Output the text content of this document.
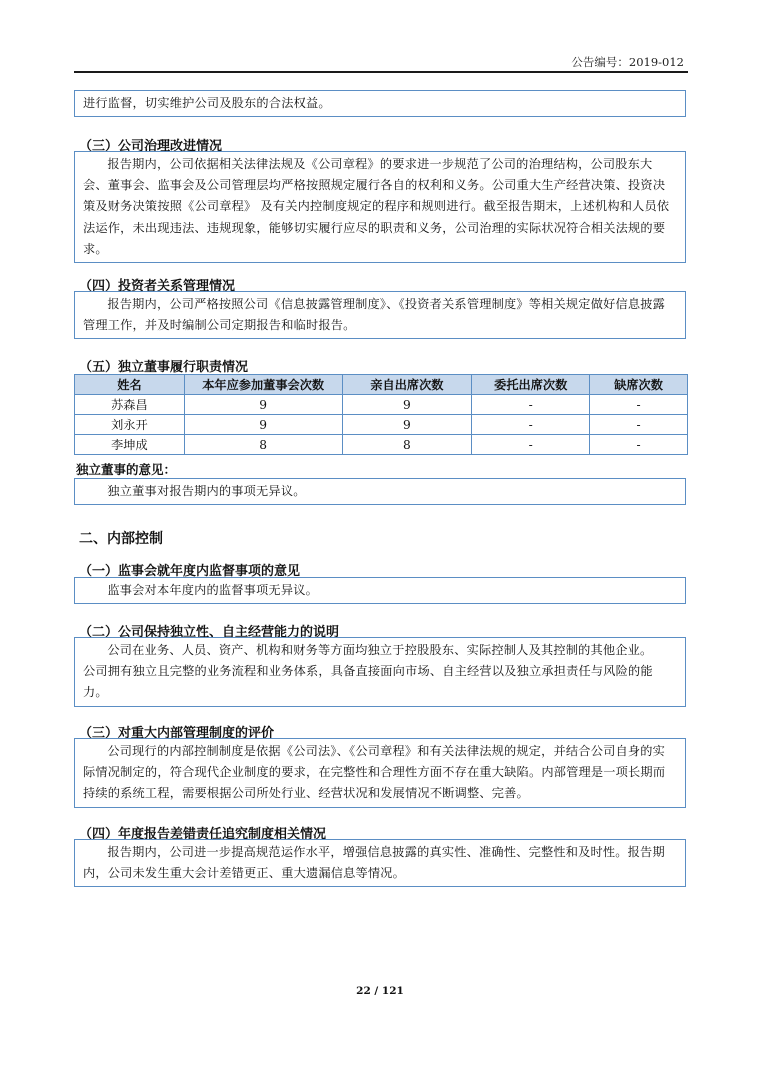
公告编号：2019-012

进行监督，切实维护公司及股东的合法权益。

（三）公司治理改进情况

报告期内，公司依据相关法律法规及《公司章程》的要求进一步规范了公司的治理结构，公司股东大会、董事会、监事会及公司管理层均严格按照规定履行各自的权利和义务。公司重大生产经营决策、投资决策及财务决策按照《公司章程》 及有关内控制度规定的程序和规则进行。截至报告期末，上述机构和人员依法运作，未出现违法、违规现象，能够切实履行应尽的职责和义务，公司治理的实际状况符合相关法规的要求。

（四）投资者关系管理情况

报告期内，公司严格按照公司《信息披露管理制度》、《投资者关系管理制度》等相关规定做好信息披露管理工作，并及时编制公司定期报告和临时报告。

（五）独立董事履行职责情况
姓名	本年应参加董事会次数	亲自出席次数	委托出席次数	缺席次数
苏森昌	9	9	-	-
刘永开	9	9	-	-
李坤成	8	8	-	-
独立董事的意见：

独立董事对报告期内的事项无异议。

二、内部控制
（一）监事会就年度内监督事项的意见

监事会对本年度内的监督事项无异议。

（二）公司保持独立性、自主经营能力的说明

公司在业务、人员、资产、机构和财务等方面均独立于控股股东、实际控制人及其控制的其他企业。

公司拥有独立且完整的业务流程和业务体系，具备直接面向市场、自主经营以及独立承担责任与风险的能力。

（三）对重大内部管理制度的评价

公司现行的内部控制制度是依据《公司法》、《公司章程》和有关法律法规的规定，并结合公司自身的实际情况制定的，符合现代企业制度的要求，在完整性和合理性方面不存在重大缺陷。内部管理是一项长期而持续的系统工程，需要根据公司所处行业、经营状况和发展情况不断调整、完善。

（四）年度报告差错责任追究制度相关情况

报告期内，公司进一步提高规范运作水平，增强信息披露的真实性、准确性、完整性和及时性。报告期内，公司未发生重大会计差错更正、重大遗漏信息等情况。

22 / 121
